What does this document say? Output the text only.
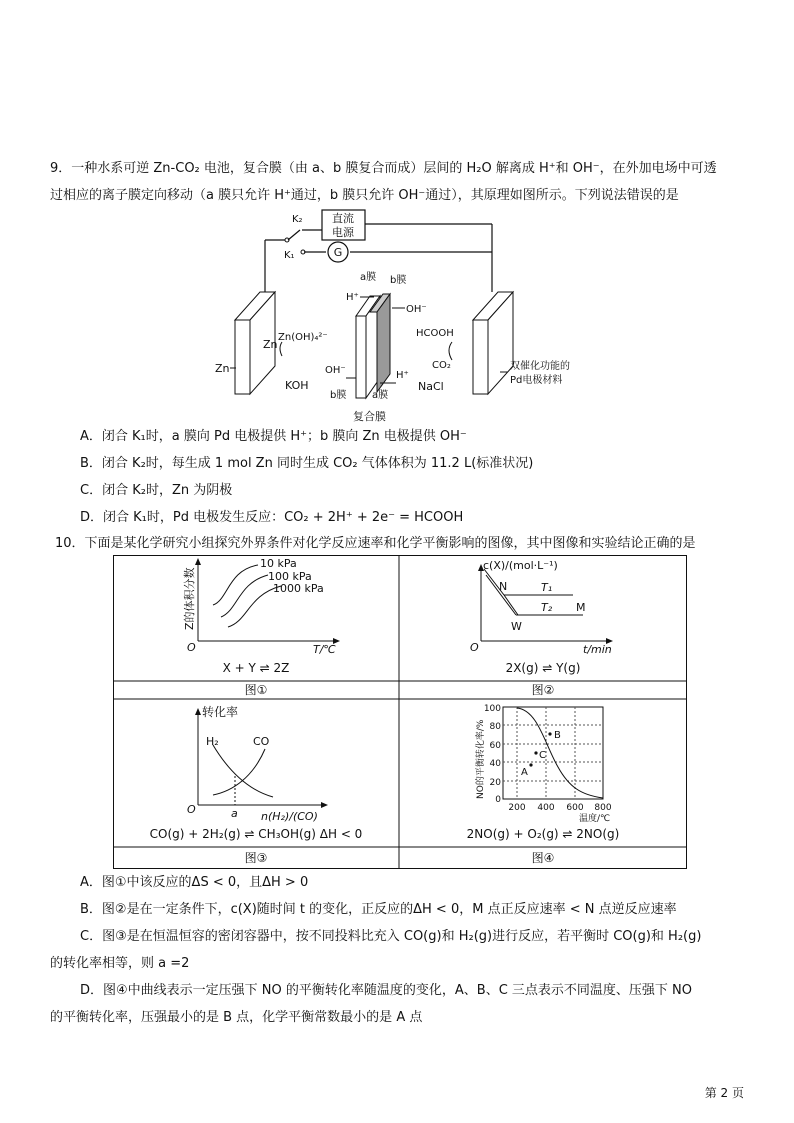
9．一种水系可逆 Zn-CO₂ 电池，复合膜（由 a、b 膜复合而成）层间的 H₂O 解离成 H⁺和 OH⁻，在外加电场中可透
过相应的离子膜定向移动（a 膜只允许 H⁺通过，b 膜只允许 OH⁻通过），其原理如图所示。下列说法错误的是
直流
电源
G
K₂
K₁
Zn
Zn
Zn(OH)₄²⁻
KOH
a膜 b膜
H⁺
OH⁻
OH⁻	H⁺
b膜	a膜
复合膜
HCOOH
CO₂
NaCl
双催化功能的
Pd电极材料
A．闭合 K₁时，a 膜向 Pd 电极提供 H⁺；b 膜向 Zn 电极提供 OH⁻
B．闭合 K₂时，每生成 1 mol Zn 同时生成 CO₂ 气体体积为 11.2 L(标准状况)
C．闭合 K₂时，Zn 为阴极
D．闭合 K₁时，Pd 电极发生反应：CO₂ + 2H⁺ + 2e⁻ = HCOOH
10．下面是某化学研究小组探究外界条件对化学反应速率和化学平衡影响的图像，其中图像和实验结论正确的是
10 kPa
100 kPa
1000 kPa
Z的体积分数
T/℃
O
X + Y ⇌ 2Z
图①
c(X)/(mol·L⁻¹)
t/min
O
N	T₁
T₂ M
W
2X(g) ⇌ Y(g)
图②
转化率
H₂	CO
O	a n(H₂)/(CO)
CO(g) + 2H₂(g) ⇌ CH₃OH(g) ΔH < 0
图③
B
C
A
100
80
60
40
20
0
200 400 600 800
温度/℃
NO的平衡转化率/%
2NO(g) + O₂(g) ⇌ 2NO(g)
图④
A．图①中该反应的ΔS < 0，且ΔH > 0
B．图②是在一定条件下，c(X)随时间 t 的变化，正反应的ΔH < 0，M 点正反应速率 < N 点逆反应速率
C．图③是在恒温恒容的密闭容器中，按不同投料比充入 CO(g)和 H₂(g)进行反应，若平衡时 CO(g)和 H₂(g)
的转化率相等，则 a =2
D．图④中曲线表示一定压强下 NO 的平衡转化率随温度的变化，A、B、C 三点表示不同温度、压强下 NO
的平衡转化率，压强最小的是 B 点，化学平衡常数最小的是 A 点
第 2 页
